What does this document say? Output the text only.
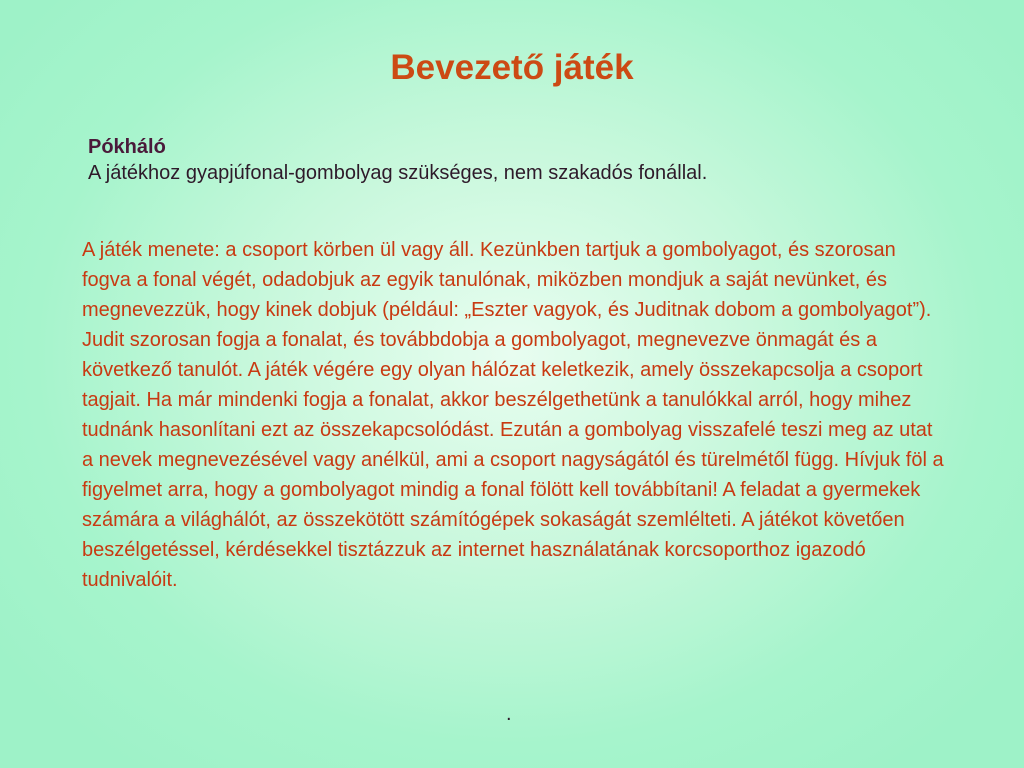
Bevezető játék
Pókháló
A játékhoz gyapjúfonal-gombolyag szükséges, nem szakadós fonállal.
A játék menete: a csoport körben ül vagy áll. Kezünkben tartjuk a gombolyagot, és szorosan fogva a fonal végét, odadobjuk az egyik tanulónak, miközben mondjuk a saját nevünket, és megnevezzük, hogy kinek dobjuk (például: „Eszter vagyok, és Juditnak dobom a gombolyagot”). Judit szorosan fogja a fonalat, és továbbdobja a gombolyagot, megnevezve önmagát és a következő tanulót. A játék végére egy olyan hálózat keletkezik, amely összekapcsolja a csoport tagjait. Ha már mindenki fogja a fonalat, akkor beszélgethetünk a tanulókkal arról, hogy mihez tudnánk hasonlítani ezt az összekapcsolódást. Ezután a gombolyag visszafelé teszi meg az utat a nevek megnevezésével vagy anélkül, ami a csoport nagyságától és türelmétől függ. Hívjuk föl a figyelmet arra, hogy a gombolyagot mindig a fonal fölött kell továbbítani! A feladat a gyermekek számára a világhálót, az összekötött számítógépek sokaságát szemlélteti. A játékot követően beszélgetéssel, kérdésekkel tisztázzuk az internet használatának korcsoporthoz igazodó tudnivalóit.
.
